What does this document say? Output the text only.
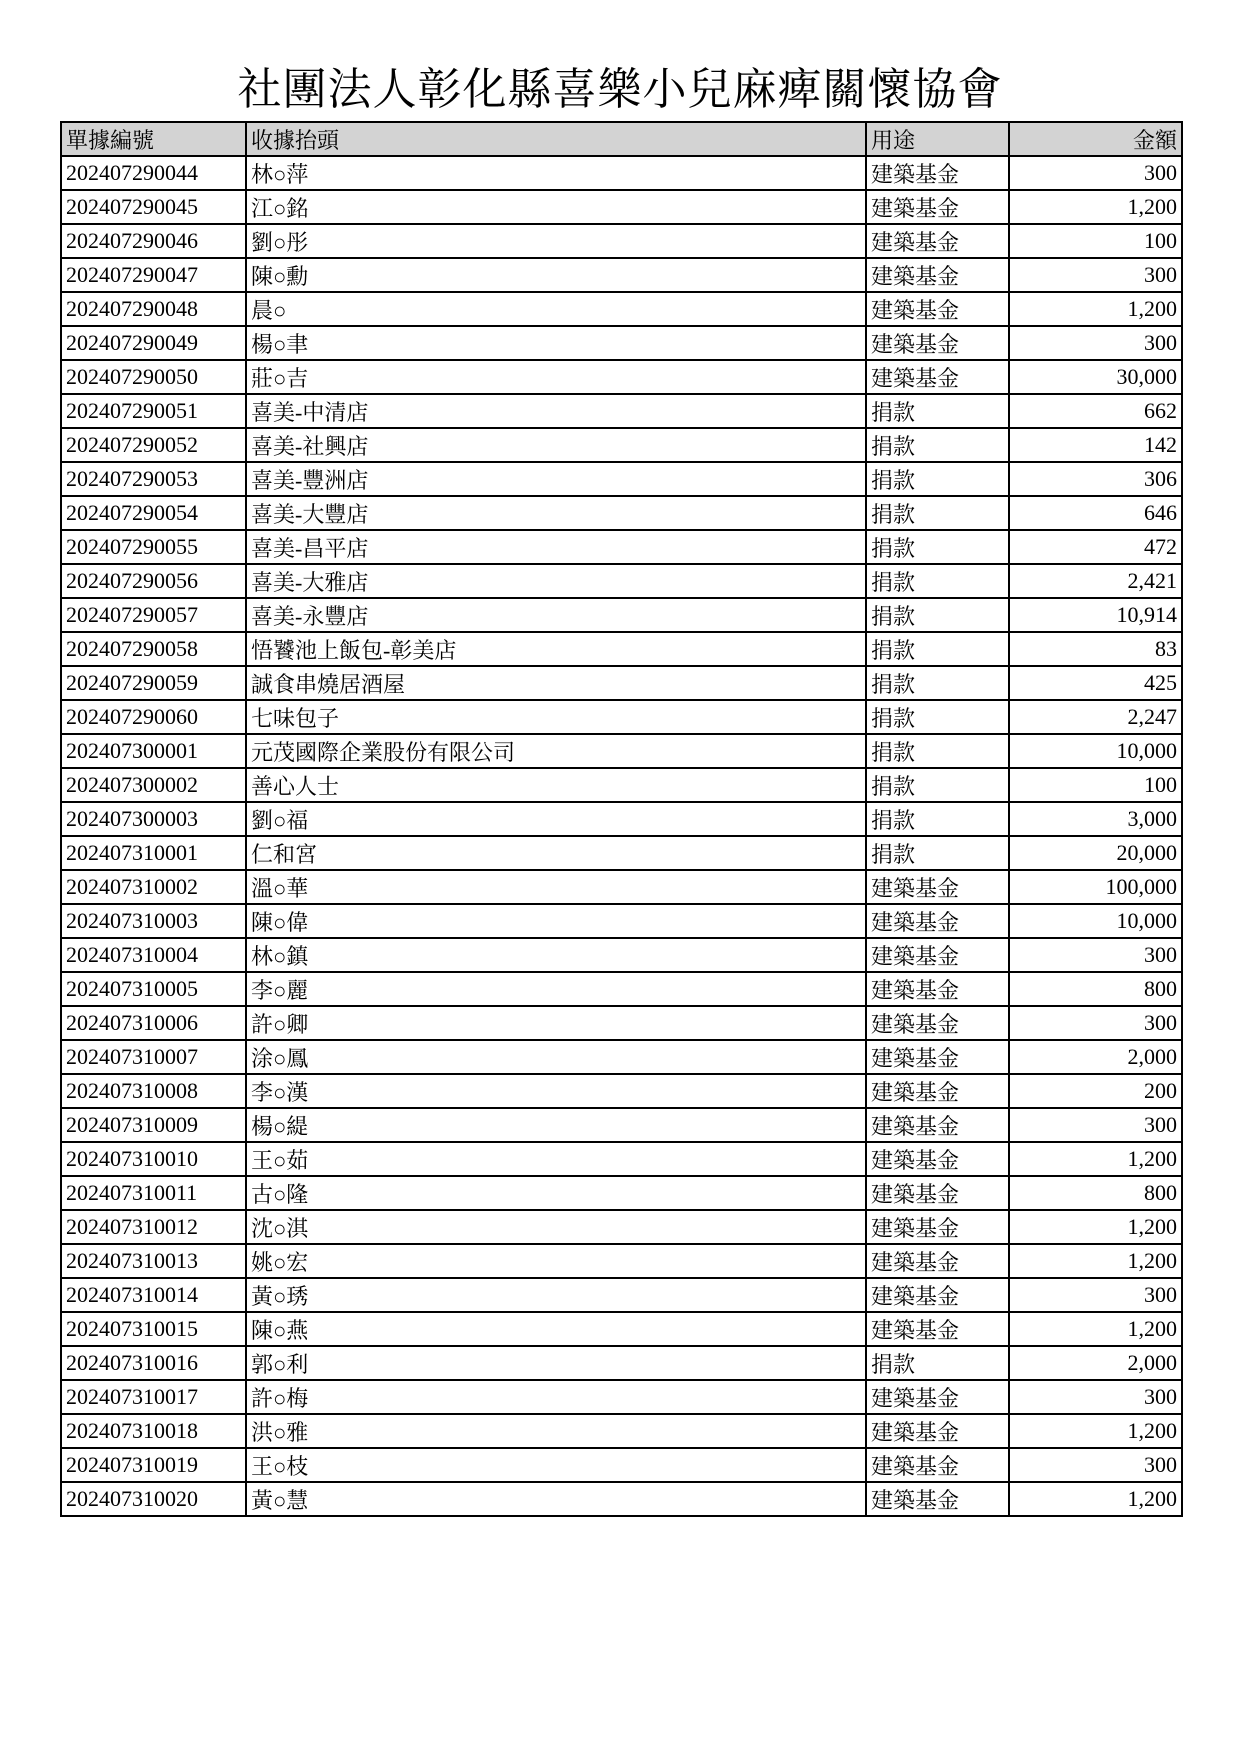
社團法人彰化縣喜樂小兒麻痺關懷協會
單據編號	收據抬頭	用途	金額
202407290044	林○萍	建築基金	300
202407290045	江○銘	建築基金	1,200
202407290046	劉○彤	建築基金	100
202407290047	陳○勳	建築基金	300
202407290048	晨○	建築基金	1,200
202407290049	楊○聿	建築基金	300
202407290050	莊○吉	建築基金	30,000
202407290051	喜美-中清店	捐款	662
202407290052	喜美-社興店	捐款	142
202407290053	喜美-豐洲店	捐款	306
202407290054	喜美-大豐店	捐款	646
202407290055	喜美-昌平店	捐款	472
202407290056	喜美-大雅店	捐款	2,421
202407290057	喜美-永豐店	捐款	10,914
202407290058	悟饕池上飯包-彰美店	捐款	83
202407290059	誠食串燒居酒屋	捐款	425
202407290060	七味包子	捐款	2,247
202407300001	元茂國際企業股份有限公司	捐款	10,000
202407300002	善心人士	捐款	100
202407300003	劉○福	捐款	3,000
202407310001	仁和宮	捐款	20,000
202407310002	溫○華	建築基金	100,000
202407310003	陳○偉	建築基金	10,000
202407310004	林○鎮	建築基金	300
202407310005	李○麗	建築基金	800
202407310006	許○卿	建築基金	300
202407310007	涂○鳳	建築基金	2,000
202407310008	李○漢	建築基金	200
202407310009	楊○緹	建築基金	300
202407310010	王○茹	建築基金	1,200
202407310011	古○隆	建築基金	800
202407310012	沈○淇	建築基金	1,200
202407310013	姚○宏	建築基金	1,200
202407310014	黃○琇	建築基金	300
202407310015	陳○燕	建築基金	1,200
202407310016	郭○利	捐款	2,000
202407310017	許○梅	建築基金	300
202407310018	洪○雅	建築基金	1,200
202407310019	王○枝	建築基金	300
202407310020	黃○慧	建築基金	1,200
